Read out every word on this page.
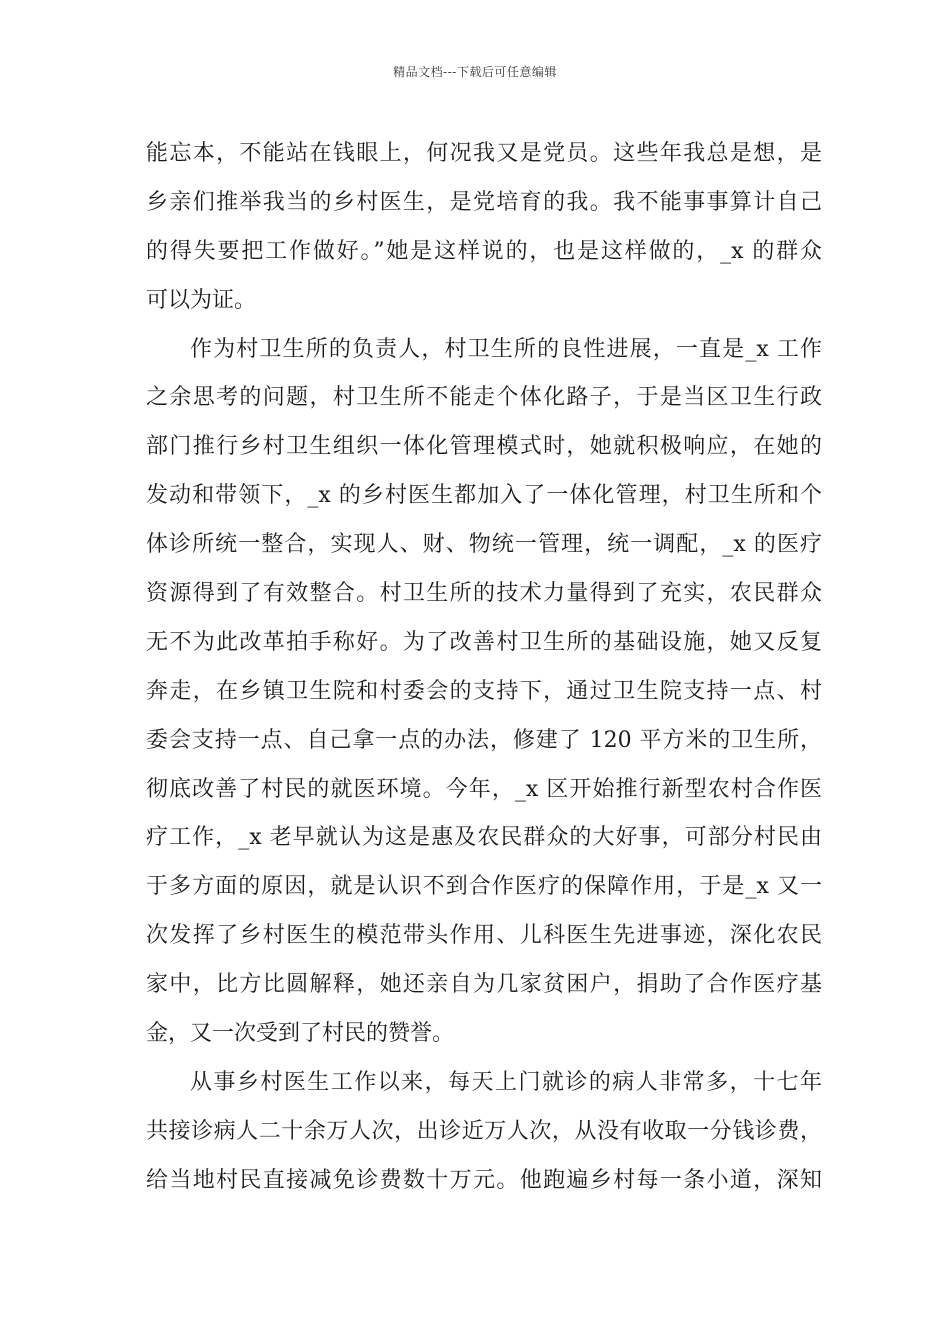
精品文档---下载后可任意编辑
能忘本，不能站在钱眼上，何况我又是党员。这些年我总是想，是
乡亲们推举我当的乡村医生，是党培育的我。我不能事事算计自己
的得失要把工作做好。”她是这样说的，也是这样做的，_x 的群众
可以为证。
作为村卫生所的负责人，村卫生所的良性进展，一直是_x 工作
之余思考的问题，村卫生所不能走个体化路子，于是当区卫生行政
部门推行乡村卫生组织一体化管理模式时，她就积极响应，在她的
发动和带领下，_x 的乡村医生都加入了一体化管理，村卫生所和个
体诊所统一整合，实现人、财、物统一管理，统一调配，_x 的医疗
资源得到了有效整合。村卫生所的技术力量得到了充实，农民群众
无不为此改革拍手称好。为了改善村卫生所的基础设施，她又反复
奔走，在乡镇卫生院和村委会的支持下，通过卫生院支持一点、村
委会支持一点、自己拿一点的办法，修建了 120 平方米的卫生所，
彻底改善了村民的就医环境。今年，_x 区开始推行新型农村合作医
疗工作，_x 老早就认为这是惠及农民群众的大好事，可部分村民由
于多方面的原因，就是认识不到合作医疗的保障作用，于是_x 又一
次发挥了乡村医生的模范带头作用、儿科医生先进事迹，深化农民
家中，比方比圆解释，她还亲自为几家贫困户，捐助了合作医疗基
金，又一次受到了村民的赞誉。
从事乡村医生工作以来，每天上门就诊的病人非常多，十七年
共接诊病人二十余万人次，出诊近万人次，从没有收取一分钱诊费，
给当地村民直接减免诊费数十万元。他跑遍乡村每一条小道，深知
